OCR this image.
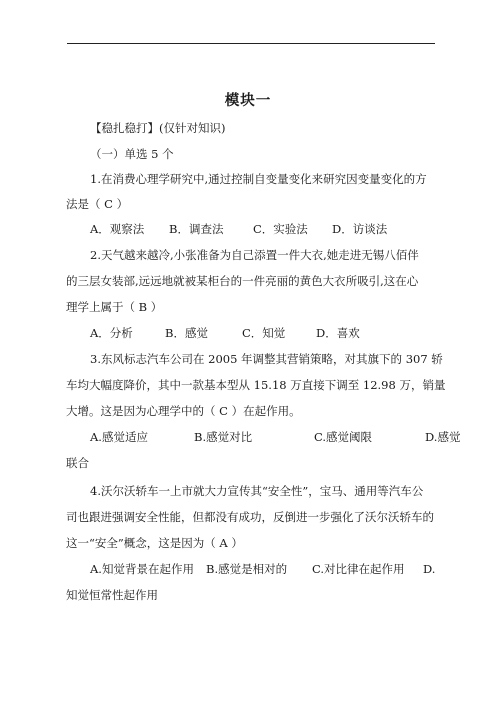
模块一
【稳扎稳打】(仅针对知识)
（一）单选 5 个
1.在消费心理学研究中,通过控制自变量变化来研究因变量变化的方
法是（ C ）
A．观察法 B．调查法	C．实验法 D．访谈法
2.天气越来越冷,小张准备为自己添置一件大衣,她走进无锡八佰伴
的三层女装部,远远地就被某柜台的一件亮丽的黄色大衣所吸引,这在心
理学上属于（ B ）
A．分析	B．感觉	C．知觉	D．喜欢
3.东风标志汽车公司在 2005 年调整其营销策略，对其旗下的 307 轿
车均大幅度降价，其中一款基本型从 15.18 万直接下调至 12.98 万，销量
大增。这是因为心理学中的（ C ）在起作用。
A.感觉适应	B.感觉对比	C.感觉阈限	D.感觉
联合
4.沃尔沃轿车一上市就大力宣传其“安全性”，宝马、通用等汽车公
司也跟进强调安全性能，但都没有成功，反倒进一步强化了沃尔沃轿车的
这一“安全”概念，这是因为（ A ）
A.知觉背景在起作用 B.感觉是相对的 C.对比律在起作用 D.
知觉恒常性起作用
